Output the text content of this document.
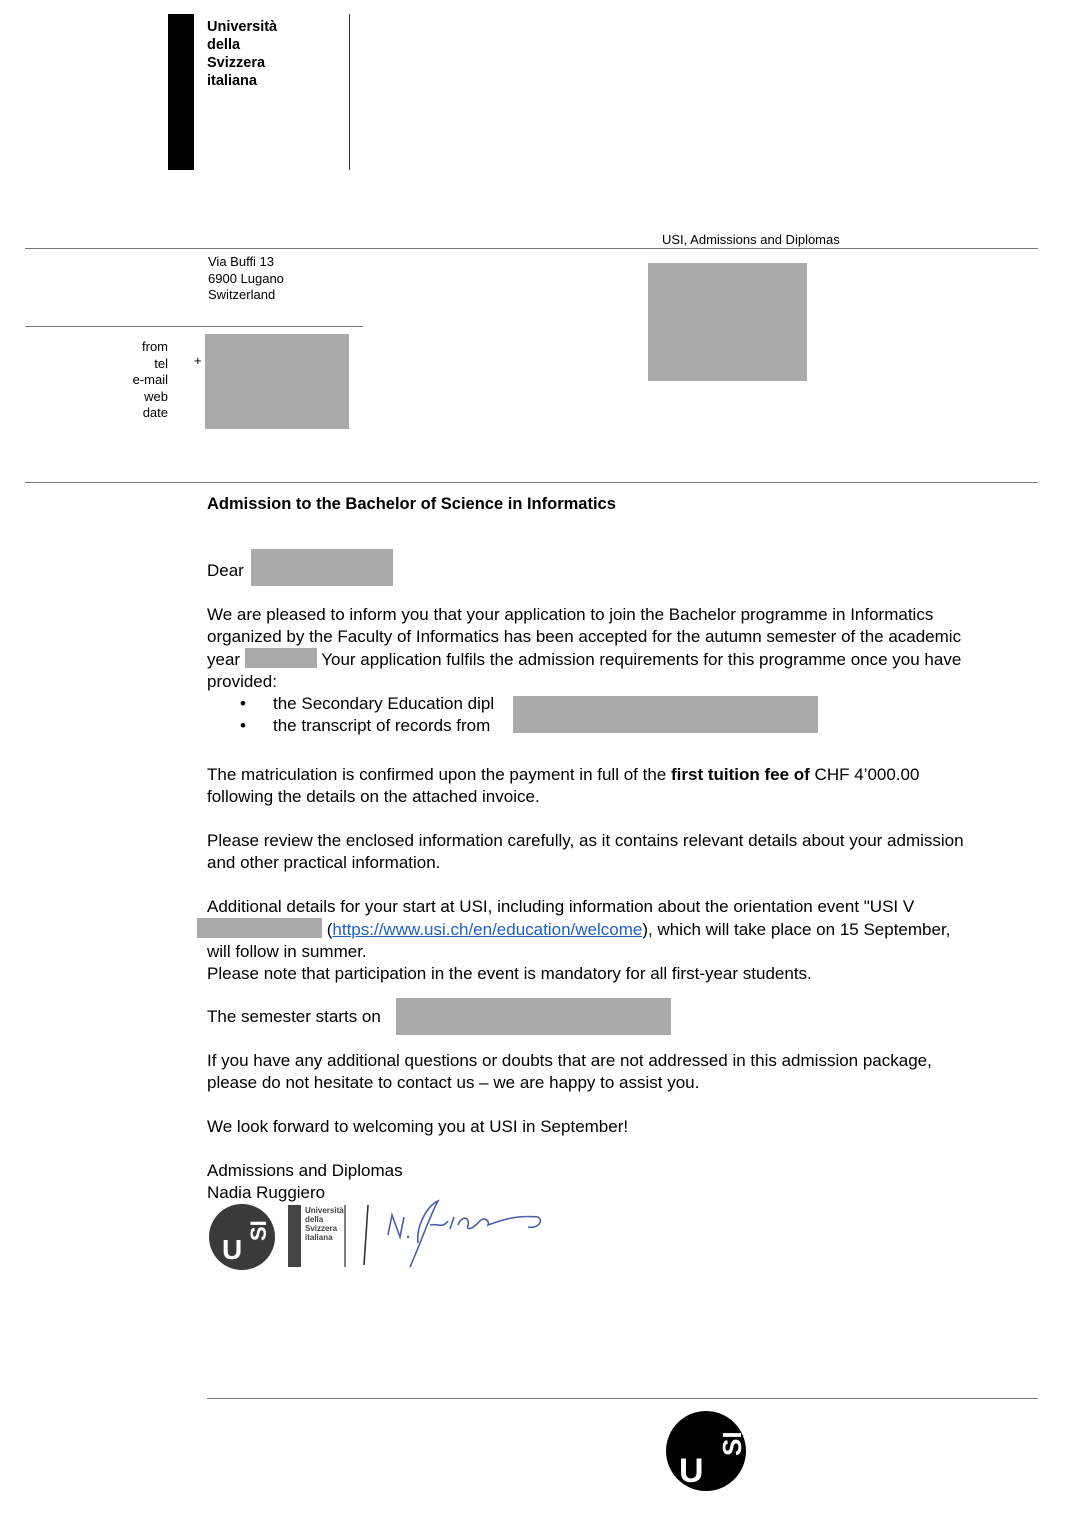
Università
della
Svizzera
italiana
USI, Admissions and Diplomas
Via Buffi 13
6900 Lugano
Switzerland
from
tel
e-mail
web
date
+
Admission to the Bachelor of Science in Informatics
Dear
We are pleased to inform you that your application to join the Bachelor programme in Informatics organized by the Faculty of Informatics has been accepted for the autumn semester of the academic year	Your application fulfils the admission requirements for this programme once you have provided:
• the Secondary Education dipl
• the transcript of records from
The matriculation is confirmed upon the payment in full of the first tuition fee of CHF 4’000.00 following the details on the attached invoice.
Please review the enclosed information carefully, as it contains relevant details about your admission and other practical information.
Additional details for your start at USI, including information about the orientation event "USI V (https://www.usi.ch/en/education/welcome), which will take place on 15 September, will follow in summer.
Please note that participation in the event is mandatory for all first-year students.
The semester starts on
If you have any additional questions or doubts that are not addressed in this admission package, please do not hesitate to contact us – we are happy to assist you.
We look forward to welcoming you at USI in September!
Admissions and Diplomas
Nadia Ruggiero
U
SI
Università
della
Svizzera
italiana
U
SI
